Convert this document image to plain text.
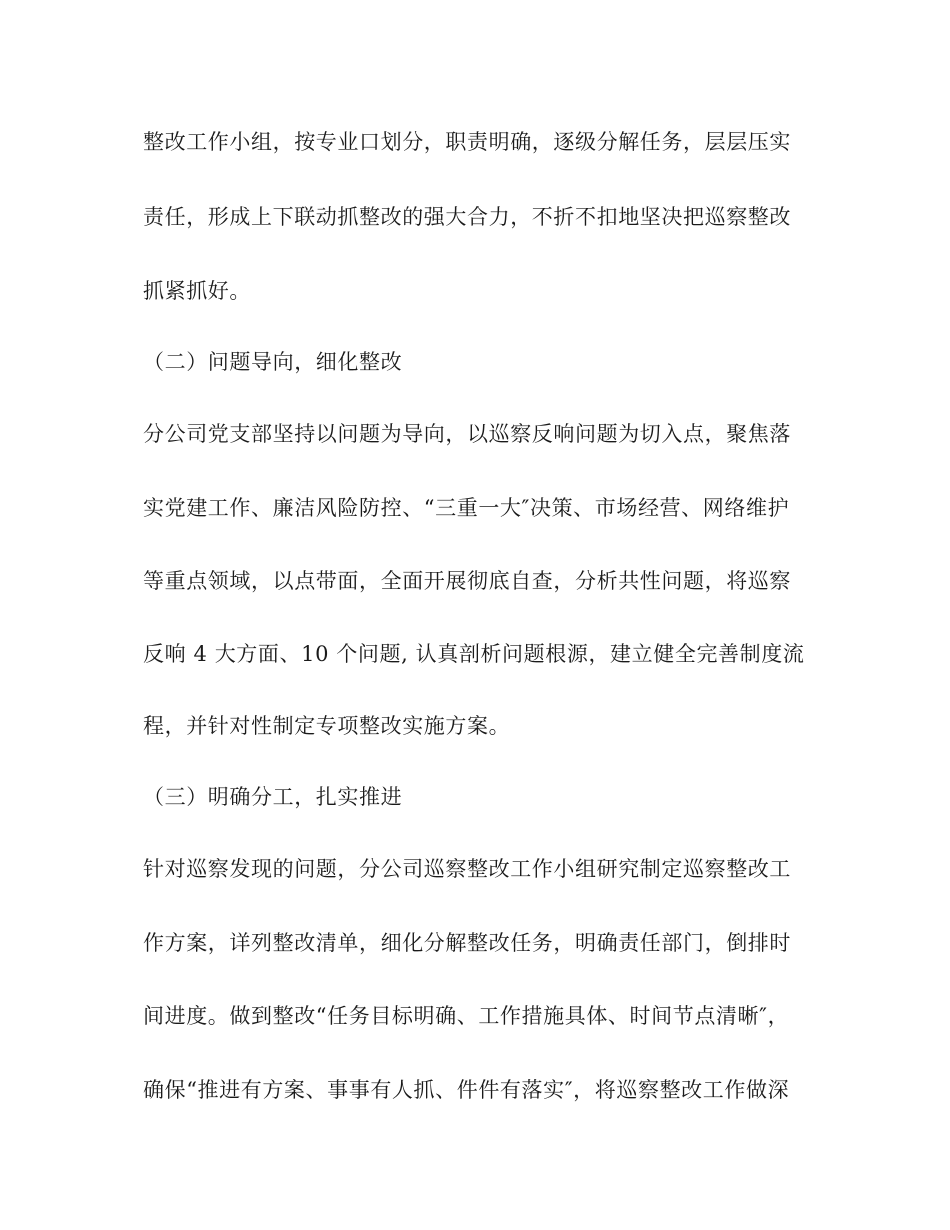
整改工作小组，按专业口划分，职责明确，逐级分解任务，层层压实
责任，形成上下联动抓整改的强大合力，不折不扣地坚决把巡察整改
抓紧抓好。
（二）问题导向，细化整改
分公司党支部坚持以问题为导向，以巡察反响问题为切入点，聚焦落
实党建工作、廉洁风险防控、“三重一大″决策、市场经营、网络维护
等重点领域，以点带面，全面开展彻底自查，分析共性问题，将巡察
反响 4 大方面、10 个问题, 认真剖析问题根源，建立健全完善制度流
程，并针对性制定专项整改实施方案。
（三）明确分工，扎实推进
针对巡察发现的问题，分公司巡察整改工作小组研究制定巡察整改工
作方案，详列整改清单，细化分解整改任务，明确责任部门，倒排时
间进度。做到整改“任务目标明确、工作措施具体、时间节点清晰″，
确保“推进有方案、事事有人抓、件件有落实″，将巡察整改工作做深
